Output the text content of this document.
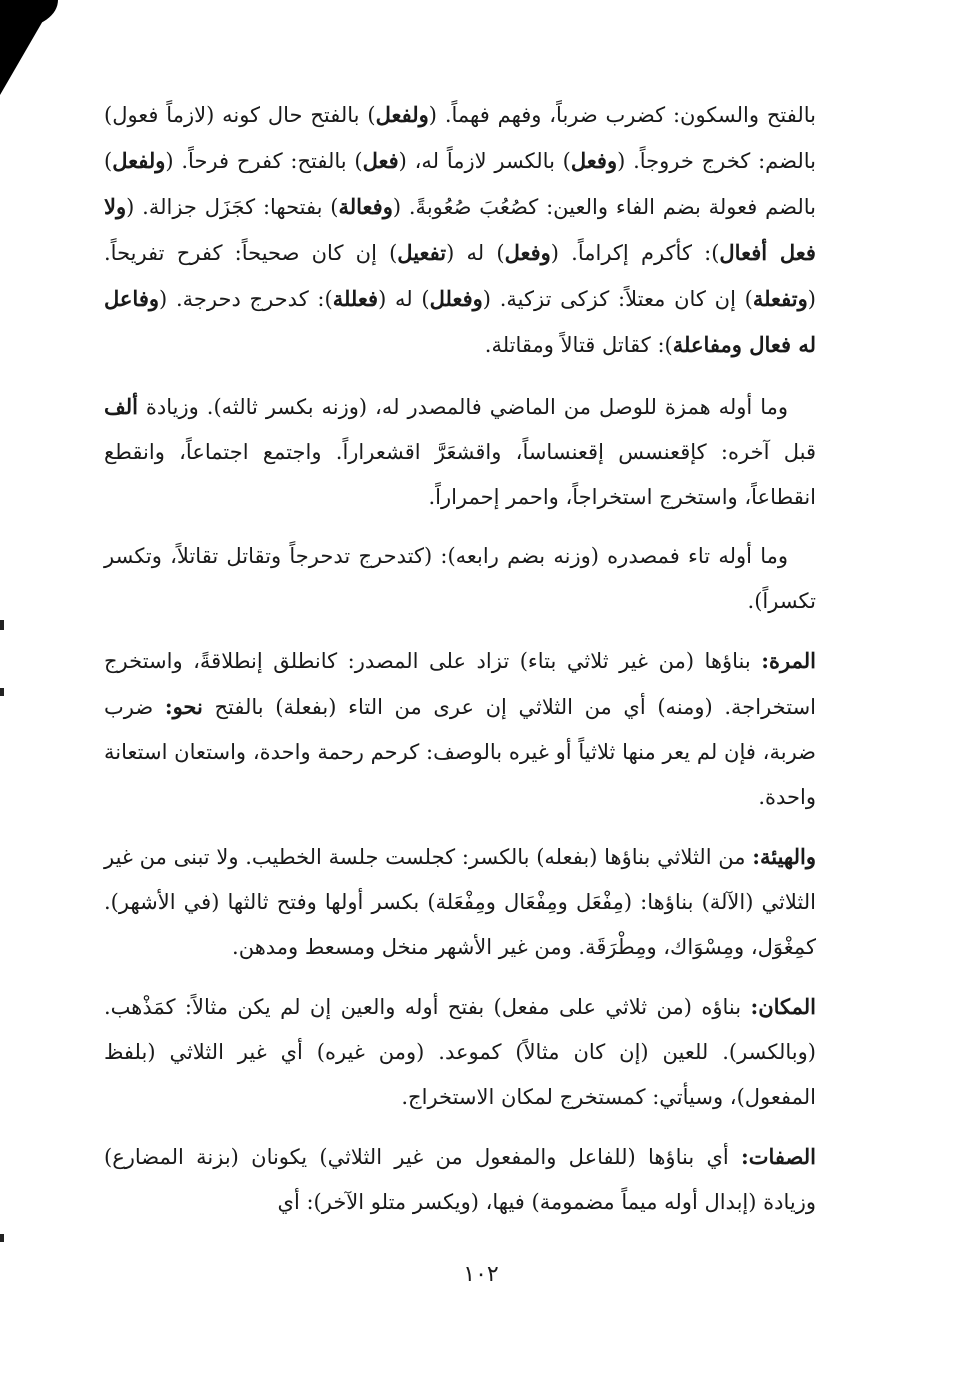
بالفتح والسكون: كضرب ضرباً، وفهم فهماً. (ولفعل) بالفتح حال كونه (لازماً فعول) بالضم: كخرج خروجاً. (وفعل) بالكسر لازماً له، (فعل) بالفتح: كفرح فرحاً. (ولفعل) بالضم فعولة بضم الفاء والعين: كصُعُبَ صُعُوبةً. (وفعالة) بفتحها: كجَزَل جزالة. (ولا فعل أفعال): كأكرم إكراماً. (وفعل) له (تفعيل) إن كان صحيحاً: كفرح تفريحاً. (وتفعلة) إن كان معتلاً: كزكى تزكية. (وفعلل) له (فعللة): كدحرج دحرجة. (وفاعل له فعال ومفاعلة): كقاتل قتالاً ومقاتلة.

وما أوله همزة للوصل من الماضي فالمصدر له، (وزنه بكسر ثالثه). وزيادة ألف قبل آخره: كإقعنسس إقعنساساً، واقشعَرَّ اقشعراراً. واجتمع اجتماعاً، وانقطع انقطاعاً، واستخرج استخراجاً، واحمر إحمراراً.

وما أوله تاء فمصدره (وزنه بضم رابعه): (كتدحرج تدحرجاً وتقاتل تقاتلاً، وتكسر تكسراً).

المرة: بناؤها (من غير ثلاثي بتاء) تزاد على المصدر: كانطلق إنطلاقةً، واستخرج استخراجة. (ومنه) أي من الثلاثي إن عرى من التاء (بفعلة) بالفتح نحو: ضرب ضربة، فإن لم يعر منها ثلاثياً أو غيره بالوصف: كرحم رحمة واحدة، واستعان استعانة واحدة.

والهيئة: من الثلاثي بناؤها (بفعله) بالكسر: كجلست جلسة الخطيب. ولا تبنى من غير الثلاثي (الآلة) بناؤها: (مِفْعَل ومِفْعَال ومِفْعَلة) بكسر أولها وفتح ثالثها (في الأشهر). كمِغْوَل، ومِسْوَاك، ومِطْرَقَة. ومن غير الأشهر منخل ومسعط ومدهن.

المكان: بناؤه (من ثلاثي على مفعل) بفتح أوله والعين إن لم يكن مثالاً: كمَذْهب. (وبالكسر). للعين (إن كان مثالاً) كموعد. (ومن غيره) أي غير الثلاثي (بلفظ المفعول)، وسيأتي: كمستخرج لمكان الاستخراج.

الصفات: أي بناؤها (للفاعل والمفعول من غير الثلاثي) يكونان (بزنة المضارع) وزيادة (إبدال أوله ميماً مضمومة) فيها، (ويكسر متلو الآخر): أي

١٠٢
